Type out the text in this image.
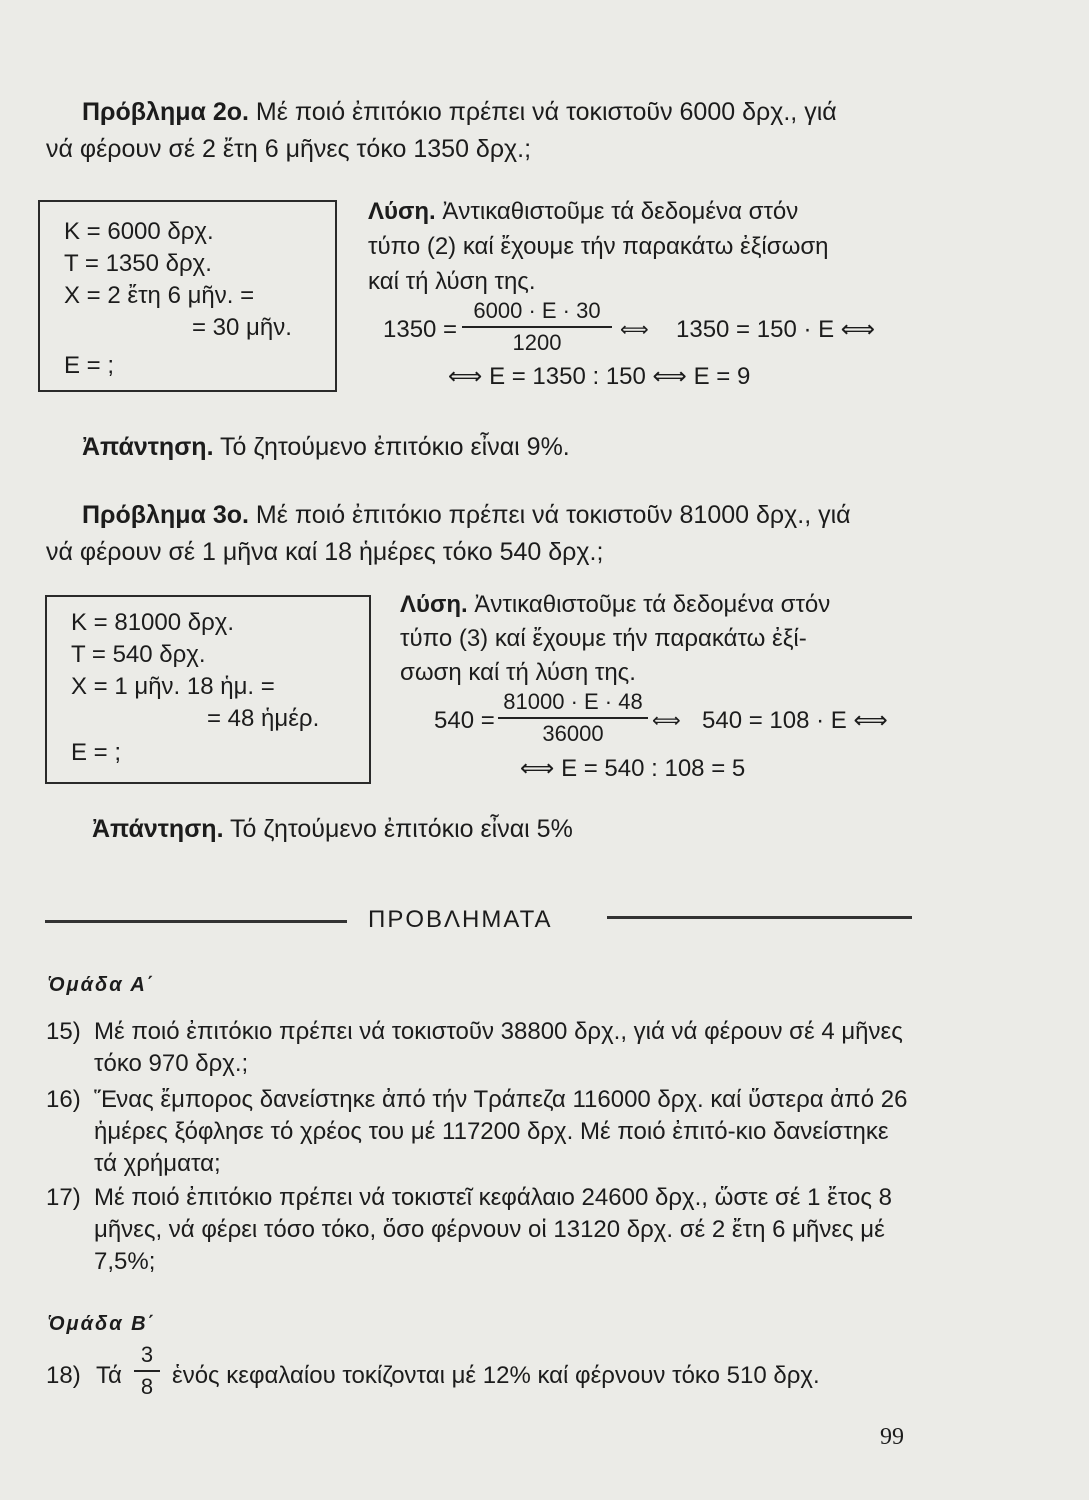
Πρόβλημα 2ο. Μέ ποιό ἐπιτόκιο πρέπει νά τοκιστοῦν 6000 δρχ., γιά
νά φέρουν σέ 2 ἔτη 6 μῆνες τόκο 1350 δρχ.;
Κ = 6000 δρχ.
Τ = 1350 δρχ.
Χ = 2 ἔτη 6 μῆν. =
= 30 μῆν.
Ε = ;
Λύση. Ἀντικαθιστοῦμε τά δεδομένα στόν
τύπο (2) καί ἔχουμε τήν παρακάτω ἐξίσωση
καί τή λύση της.
1350 =
6000 · Ε · 30
1200	⟺ 1350 = 150 · Ε ⟺
⟺ Ε = 1350 : 150 ⟺ Ε = 9
Ἀπάντηση. Τό ζητούμενο ἐπιτόκιο εἶναι 9%.
Πρόβλημα 3ο. Μέ ποιό ἐπιτόκιο πρέπει νά τοκιστοῦν 81000 δρχ., γιά
νά φέρουν σέ 1 μῆνα καί 18 ἡμέρες τόκο 540 δρχ.;
Κ = 81000 δρχ.
Τ = 540 δρχ.
Χ = 1 μῆν. 18 ἡμ. =
= 48 ἡμέρ.
Ε = ;
Λύση. Ἀντικαθιστοῦμε τά δεδομένα στόν
τύπο (3) καί ἔχουμε τήν παρακάτω ἐξί-
σωση καί τή λύση της.
540 =
81000 · Ε · 48
36000	⟺ 540 = 108 · Ε ⟺
⟺ Ε = 540 : 108 = 5
Ἀπάντηση. Τό ζητούμενο ἐπιτόκιο εἶναι 5%
ΠΡΟΒΛΗΜΑΤΑ
Ὁμάδα Α΄
15) Μέ ποιό ἐπιτόκιο πρέπει νά τοκιστοῦν 38800 δρχ., γιά νά φέρουν σέ 4 μῆνες τόκο 970 δρχ.;
16) Ἕνας ἔμπορος δανείστηκε ἀπό τήν Τράπεζα 116000 δρχ. καί ὕστερα ἀπό 26 ἡμέρες ξόφλησε τό χρέος του μέ 117200 δρχ. Μέ ποιό ἐπιτό-κιο δανείστηκε τά χρήματα;
17) Μέ ποιό ἐπιτόκιο πρέπει νά τοκιστεῖ κεφάλαιο 24600 δρχ., ὥστε σέ 1 ἔτος 8 μῆνες, νά φέρει τόσο τόκο, ὅσο φέρνουν οἱ 13120 δρχ. σέ 2 ἔτη 6 μῆνες μέ 7,5%;
Ὁμάδα Β΄
18) Τά
3
8 ἑνός κεφαλαίου τοκίζονται μέ 12% καί φέρνουν τόκο 510 δρχ.
99
